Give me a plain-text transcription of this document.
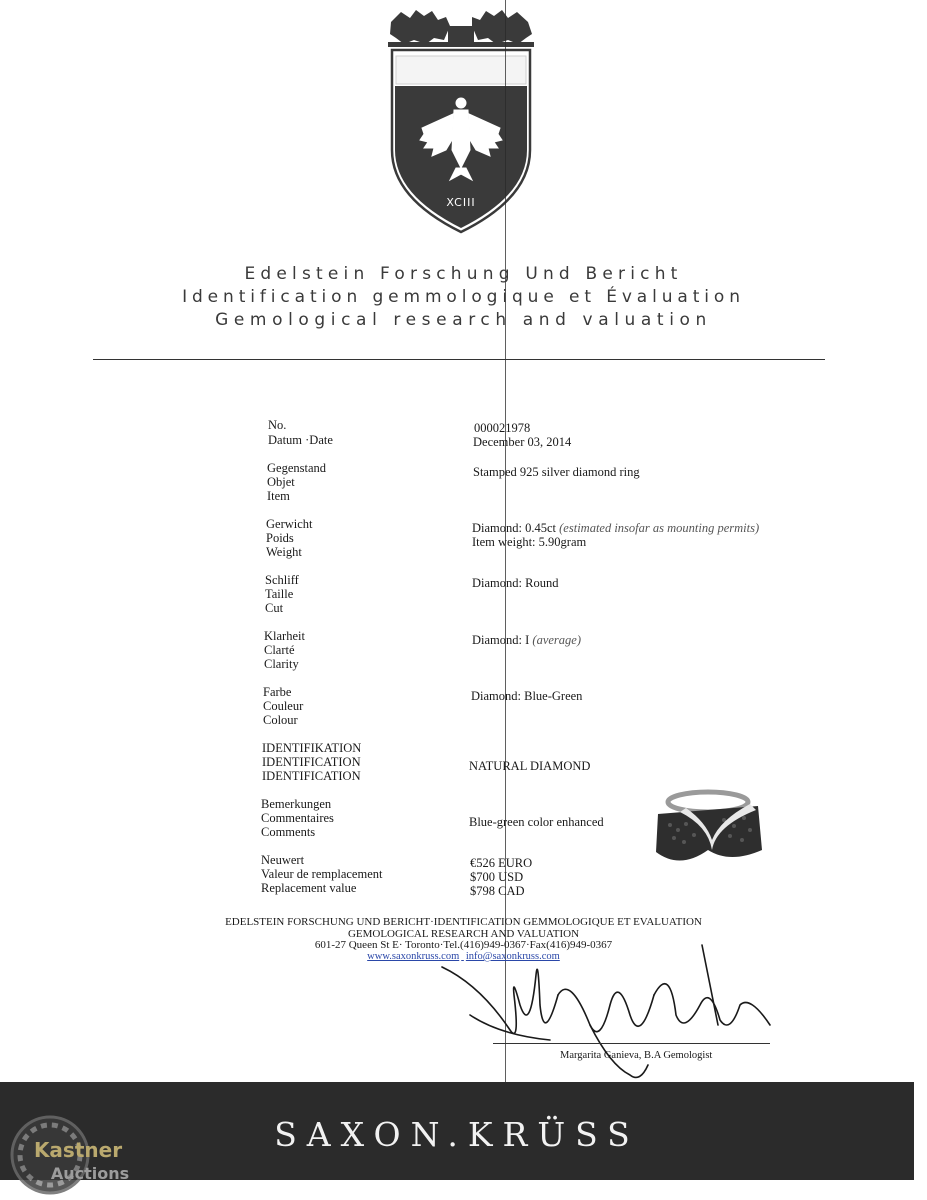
XCIII
Edelstein Forschung Und Bericht
Identification gemmologique et Évaluation
Gemological research and valuation
No.
Datum ·Date
Gegenstand
Objet
Item
Gerwicht
Poids
Weight
Schliff
Taille
Cut
Klarheit
Clarté
Clarity
Farbe
Couleur
Colour
IDENTIFIKATION
IDENTIFICATION
IDENTIFICATION
Bemerkungen
Commentaires
Comments
Neuwert
Valeur de remplacement
Replacement value
000021978
December 03, 2014
Stamped 925 silver diamond ring
Diamond: 0.45ct (estimated insofar as mounting permits)
Item weight: 5.90gram
Diamond: Round
Diamond: I (average)
Diamond: Blue-Green
NATURAL DIAMOND
Blue-green color enhanced
€526 EURO
$700 USD
$798 CAD
EDELSTEIN FORSCHUNG UND BERICHT·IDENTIFICATION GEMMOLOGIQUE ET EVALUATION
GEMOLOGICAL RESEARCH AND VALUATION
601-27 Queen St E· Toronto·Tel.(416)949-0367·Fax(416)949-0367
www.saxonkruss.com info@saxonkruss.com
Margarita Ganieva, B.A Gemologist
SAXON.KRÜSS
Kastner
Auctions
